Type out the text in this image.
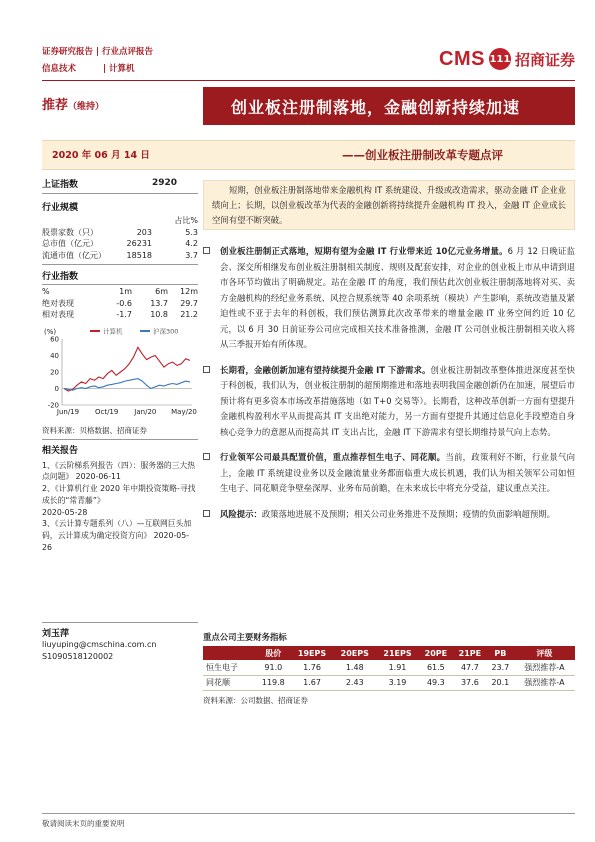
证券研究报告 | 行业点评报告
信息技术	| 计算机	CMS 111 招商证券
推荐（维持）	创业板注册制落地，金融创新持续加速
2020 年 06 月 14 日	——创业板注册制改革专题点评
上证指数	2920
行业规模
占比%
股票家数（只）	203	5.3
总市值（亿元）	26231	4.2
流通市值（亿元）	18518	3.7
行业指数
%	1m	6m	12m
绝对表现	-0.6	13.7	29.7
相对表现	-1.7	10.8	21.2
(%)	计算机	沪深300
60
40
20
0
-20
Jun/19 Oct/19 Jan/20 May/20
资料来源：贝格数据、招商证券
相关报告
1、《云阶梯系列报告（四）：服务器的三大热点问题》 2020-06-11
2、《计算机行业 2020 年中期投资策略-寻找成长的“常青藤”》
2020-05-28
3、《云计算专题系列（八）—互联网巨头加码，云计算成为确定投资方向》 2020-05-26
刘玉萍
liuyuping@cmschina.com.cn
S1090518120002
短期，创业板注册制落地带来金融机构 IT 系统建设、升级或改造需求，驱动金融 IT 企业业绩向上；长期，以创业板改革为代表的金融创新将持续提升金融机构 IT 投入，金融 IT 企业成长空间有望不断突破。
创业板注册制正式落地，短期有望为金融 IT 行业带来近 10亿元业务增量。6 月 12 日晚证监会、深交所相继发布创业板注册制相关制度、规则及配套安排，对企业的创业板上市从申请到退市各环节均做出了明确规定。站在金融 IT 的角度，我们预估此次创业板注册制落地将对买、卖方金融机构的经纪业务系统、风控合规系统等 40 余项系统（模块）产生影响，系统改造量及紧迫性或不亚于去年的科创板，我们预估测算此次改革带来的增量金融 IT 业务空间约近 10 亿元，以 6 月 30 日前证券公司应完成相关技术准备推测，金融 IT 公司创业板注册制相关收入将从三季报开始有所体现。
长期看，金融创新加速有望持续提升金融 IT 下游需求。创业板注册制改革整体推进深度甚至快于科创板，我们认为，创业板注册制的超预期推进和落地表明我国金融创新仍在加速，展望后市预计将有更多资本市场改革措施落地（如 T+0 交易等）。长期看，这种改革创新一方面有望提升金融机构盈利水平从而提高其 IT 支出绝对能力，另一方面有望提升其通过信息化手段塑造自身核心竞争力的意愿从而提高其 IT 支出占比，金融 IT 下游需求有望长期维持景气向上态势。
行业领军公司最具配置价值，重点推荐恒生电子、同花顺。当前，政策利好不断，行业景气向上，金融 IT 系统建设业务以及金融流量业务都面临重大成长机遇，我们认为相关领军公司如恒生电子、同花顺竞争壁垒深厚、业务布局前瞻，在未来成长中将充分受益，建议重点关注。
风险提示：政策落地进展不及预期；相关公司业务推进不及预期；疫情的负面影响超预期。
重点公司主要财务指标
	股价	19EPS	20EPS	21EPS	20PE	21PE	PB	评级
恒生电子	91.0	1.76	1.48	1.91	61.5	47.7	23.7	强烈推荐-A
同花顺	119.8	1.67	2.43	3.19	49.3	37.6	20.1	强烈推荐-A
资料来源：公司数据、招商证券
敬请阅读末页的重要说明
